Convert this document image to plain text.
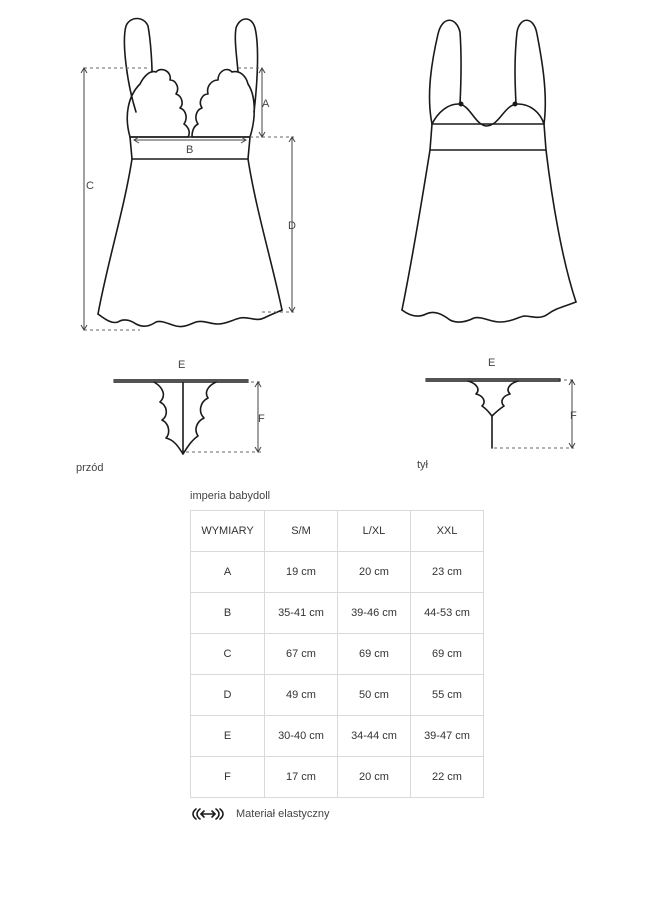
A
B
C
D
E
F
E
F
przód	tył
imperia babydoll
WYMIARY	S/M	L/XL	XXL
A	19 cm	20 cm	23 cm
B	35-41 cm	39-46 cm	44-53 cm
C	67 cm	69 cm	69 cm
D	49 cm	50 cm	55 cm
E	30-40 cm	34-44 cm	39-47 cm
F	17 cm	20 cm	22 cm
Materiał elastyczny
